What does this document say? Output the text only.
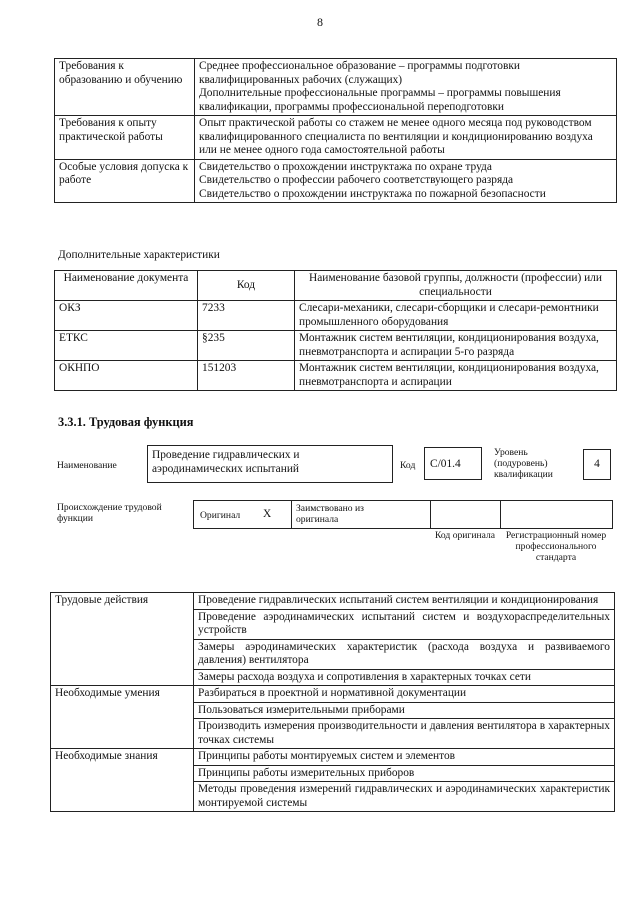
8
Требования к образованию и обучению	Среднее профессиональное образование – программы подготовки квалифицированных рабочих (служащих)
Дополнительные профессиональные программы – программы повышения квалификации, программы профессиональной переподготовки

Требования к опыту практической работы	Опыт практической работы со стажем не менее одного месяца под руководством квалифицированного специалиста по вентиляции и кондиционированию воздуха или не менее одного года самостоятельной работы

Особые условия допуска к работе	Свидетельство о прохождении инструктажа по охране труда
Свидетельство о профессии рабочего соответствующего разряда
Свидетельство о прохождении инструктажа по пожарной безопасности
Дополнительные характеристики
Наименование документа	Код	Наименование базовой группы, должности (профессии) или специальности
ОКЗ	7233	Слесари-механики, слесари-сборщики и слесари-ремонтники промышленного оборудования
ЕТКС	§235	Монтажник систем вентиляции, кондиционирования воздуха, пневмотранспорта и аспирации 5-го разряда
ОКНПО	151203	Монтажник систем вентиляции, кондиционирования воздуха, пневмотранспорта и аспирации
3.3.1. Трудовая функция
Наименование
Проведение гидравлических и аэродинамических испытаний	Код С/01.4
Уровень (подуровень) квалификации
4
Происхождение трудовой функции	Оригинал X	Заимствовано из оригинала
Код оригинала	Регистрационный номер профессионального стандарта
Трудовые действия	Проведение гидравлических испытаний систем вентиляции и кондиционирования
	Проведение аэродинамических испытаний систем и воздухораспределительных устройств
	Замеры аэродинамических характеристик (расхода воздуха и развиваемого давления) вентилятора
	Замеры расхода воздуха и сопротивления в характерных точках сети
Необходимые умения	Разбираться в проектной и нормативной документации
	Пользоваться измерительными приборами
	Производить измерения производительности и давления вентилятора в характерных точках системы
Необходимые знания	Принципы работы монтируемых систем и элементов
	Принципы работы измерительных приборов
	Методы проведения измерений гидравлических и аэродинамических характеристик монтируемой системы
